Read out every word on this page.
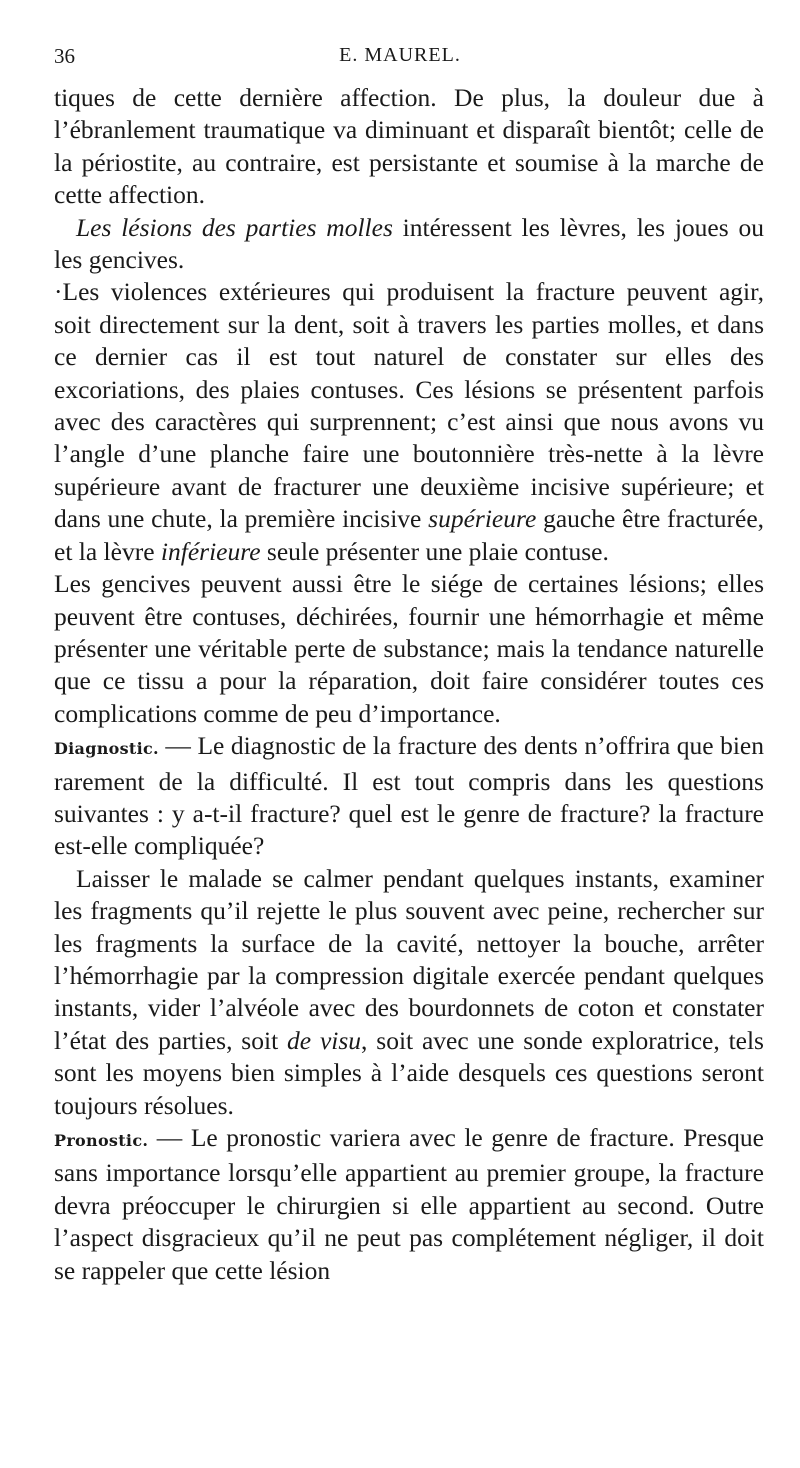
36	E. MAUREL.

tiques de cette dernière affection. De plus, la douleur due à l’ébranlement traumatique va diminuant et disparaît bientôt; celle de la périostite, au contraire, est persistante et soumise à la marche de cette affection.

Les lésions des parties molles intéressent les lèvres, les joues ou les gencives.

·Les violences extérieures qui produisent la fracture peuvent agir, soit directement sur la dent, soit à travers les parties molles, et dans ce dernier cas il est tout naturel de constater sur elles des excoriations, des plaies contuses. Ces lésions se présentent parfois avec des caractères qui surprennent; c’est ainsi que nous avons vu l’angle d’une planche faire une boutonnière très-nette à la lèvre supérieure avant de fracturer une deuxième incisive supérieure; et dans une chute, la première incisive supérieure gauche être fracturée, et la lèvre inférieure seule présenter une plaie contuse.

Les gencives peuvent aussi être le siége de certaines lésions; elles peuvent être contuses, déchirées, fournir une hémorrhagie et même présenter une véritable perte de substance; mais la tendance naturelle que ce tissu a pour la réparation, doit faire considérer toutes ces complications comme de peu d’importance.

Diagnostic. — Le diagnostic de la fracture des dents n’offrira que bien rarement de la difficulté. Il est tout compris dans les questions suivantes : y a-t-il fracture? quel est le genre de fracture? la fracture est-elle compliquée?

Laisser le malade se calmer pendant quelques instants, examiner les fragments qu’il rejette le plus souvent avec peine, rechercher sur les fragments la surface de la cavité, nettoyer la bouche, arrêter l’hémorrhagie par la compression digitale exercée pendant quelques instants, vider l’alvéole avec des bourdonnets de coton et constater l’état des parties, soit de visu, soit avec une sonde exploratrice, tels sont les moyens bien simples à l’aide desquels ces questions seront toujours résolues.

Pronostic. — Le pronostic variera avec le genre de fracture. Presque sans importance lorsqu’elle appartient au premier groupe, la fracture devra préoccuper le chirurgien si elle appartient au second. Outre l’aspect disgracieux qu’il ne peut pas complétement négliger, il doit se rappeler que cette lésion
